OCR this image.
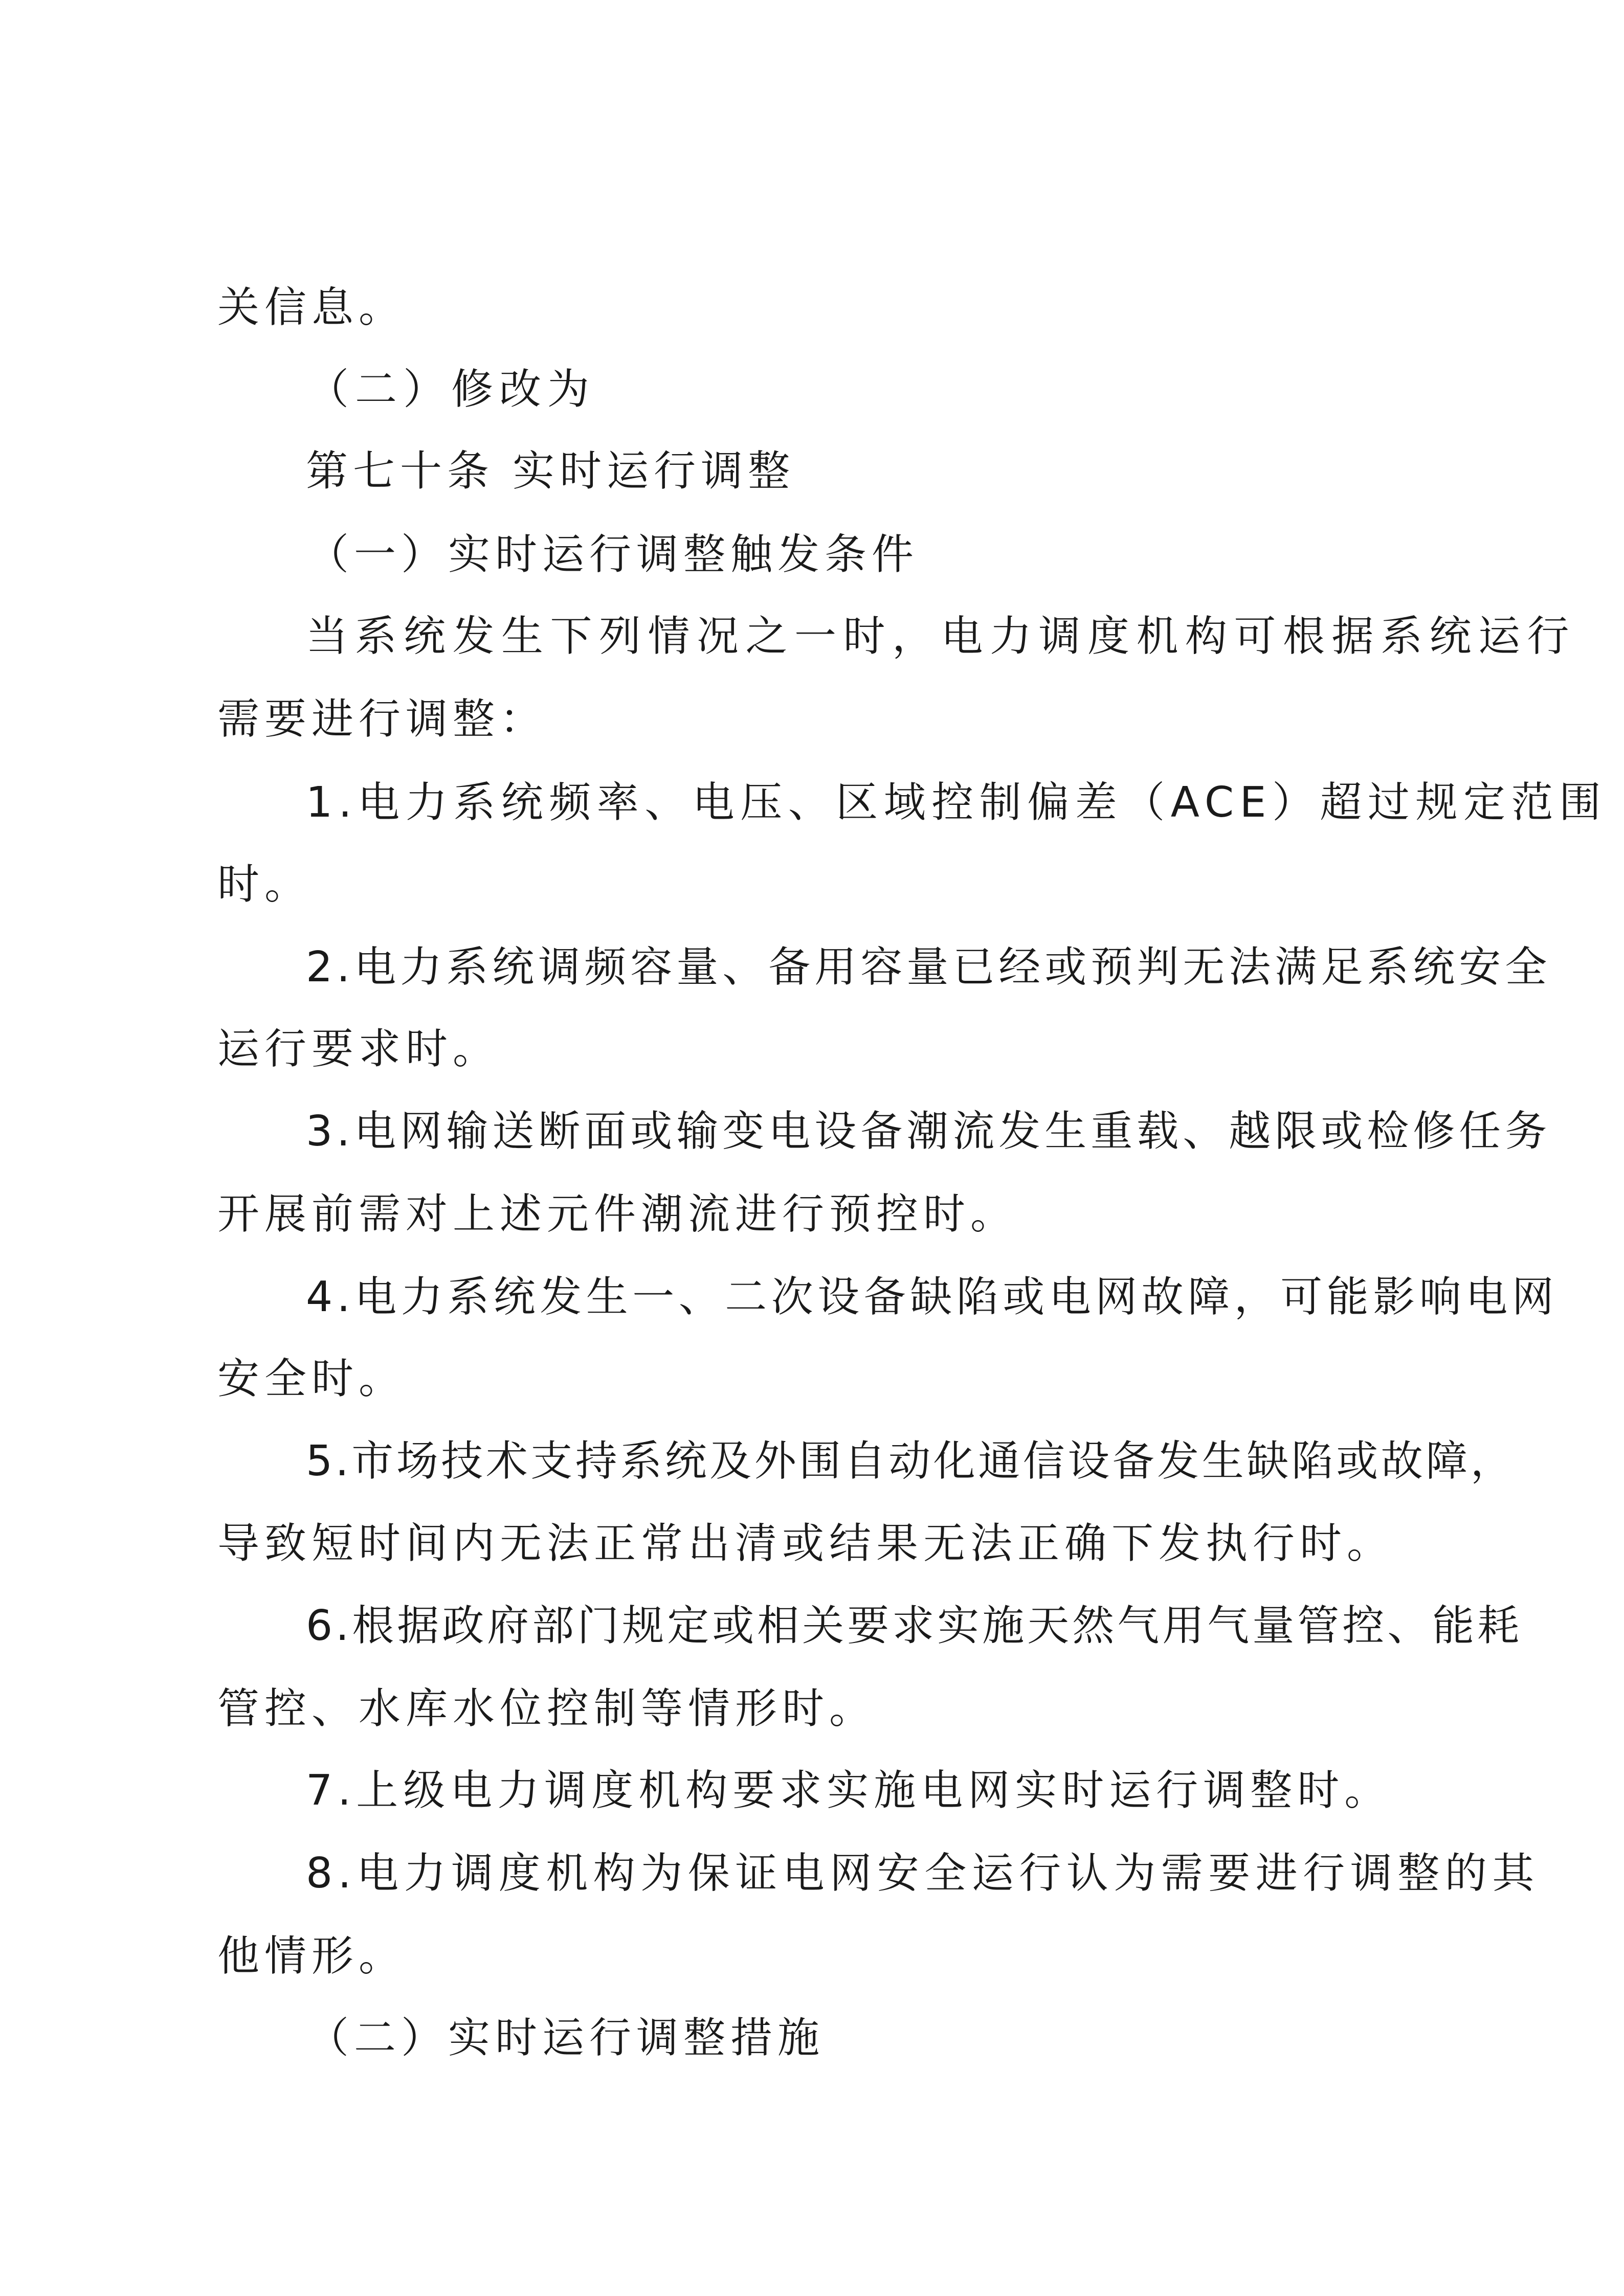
关信息。
（二）修改为
第七十条 实时运行调整
（一）实时运行调整触发条件
当系统发生下列情况之一时，电力调度机构可根据系统运行
需要进行调整：
1.电力系统频率、电压、区域控制偏差（ACE）超过规定范围
时。
2.电力系统调频容量、备用容量已经或预判无法满足系统安全
运行要求时。
3.电网输送断面或输变电设备潮流发生重载、越限或检修任务
开展前需对上述元件潮流进行预控时。
4.电力系统发生一、二次设备缺陷或电网故障，可能影响电网
安全时。
5.市场技术支持系统及外围自动化通信设备发生缺陷或故障，
导致短时间内无法正常出清或结果无法正确下发执行时。
6.根据政府部门规定或相关要求实施天然气用气量管控、能耗
管控、水库水位控制等情形时。
7.上级电力调度机构要求实施电网实时运行调整时。
8.电力调度机构为保证电网安全运行认为需要进行调整的其
他情形。
（二）实时运行调整措施
